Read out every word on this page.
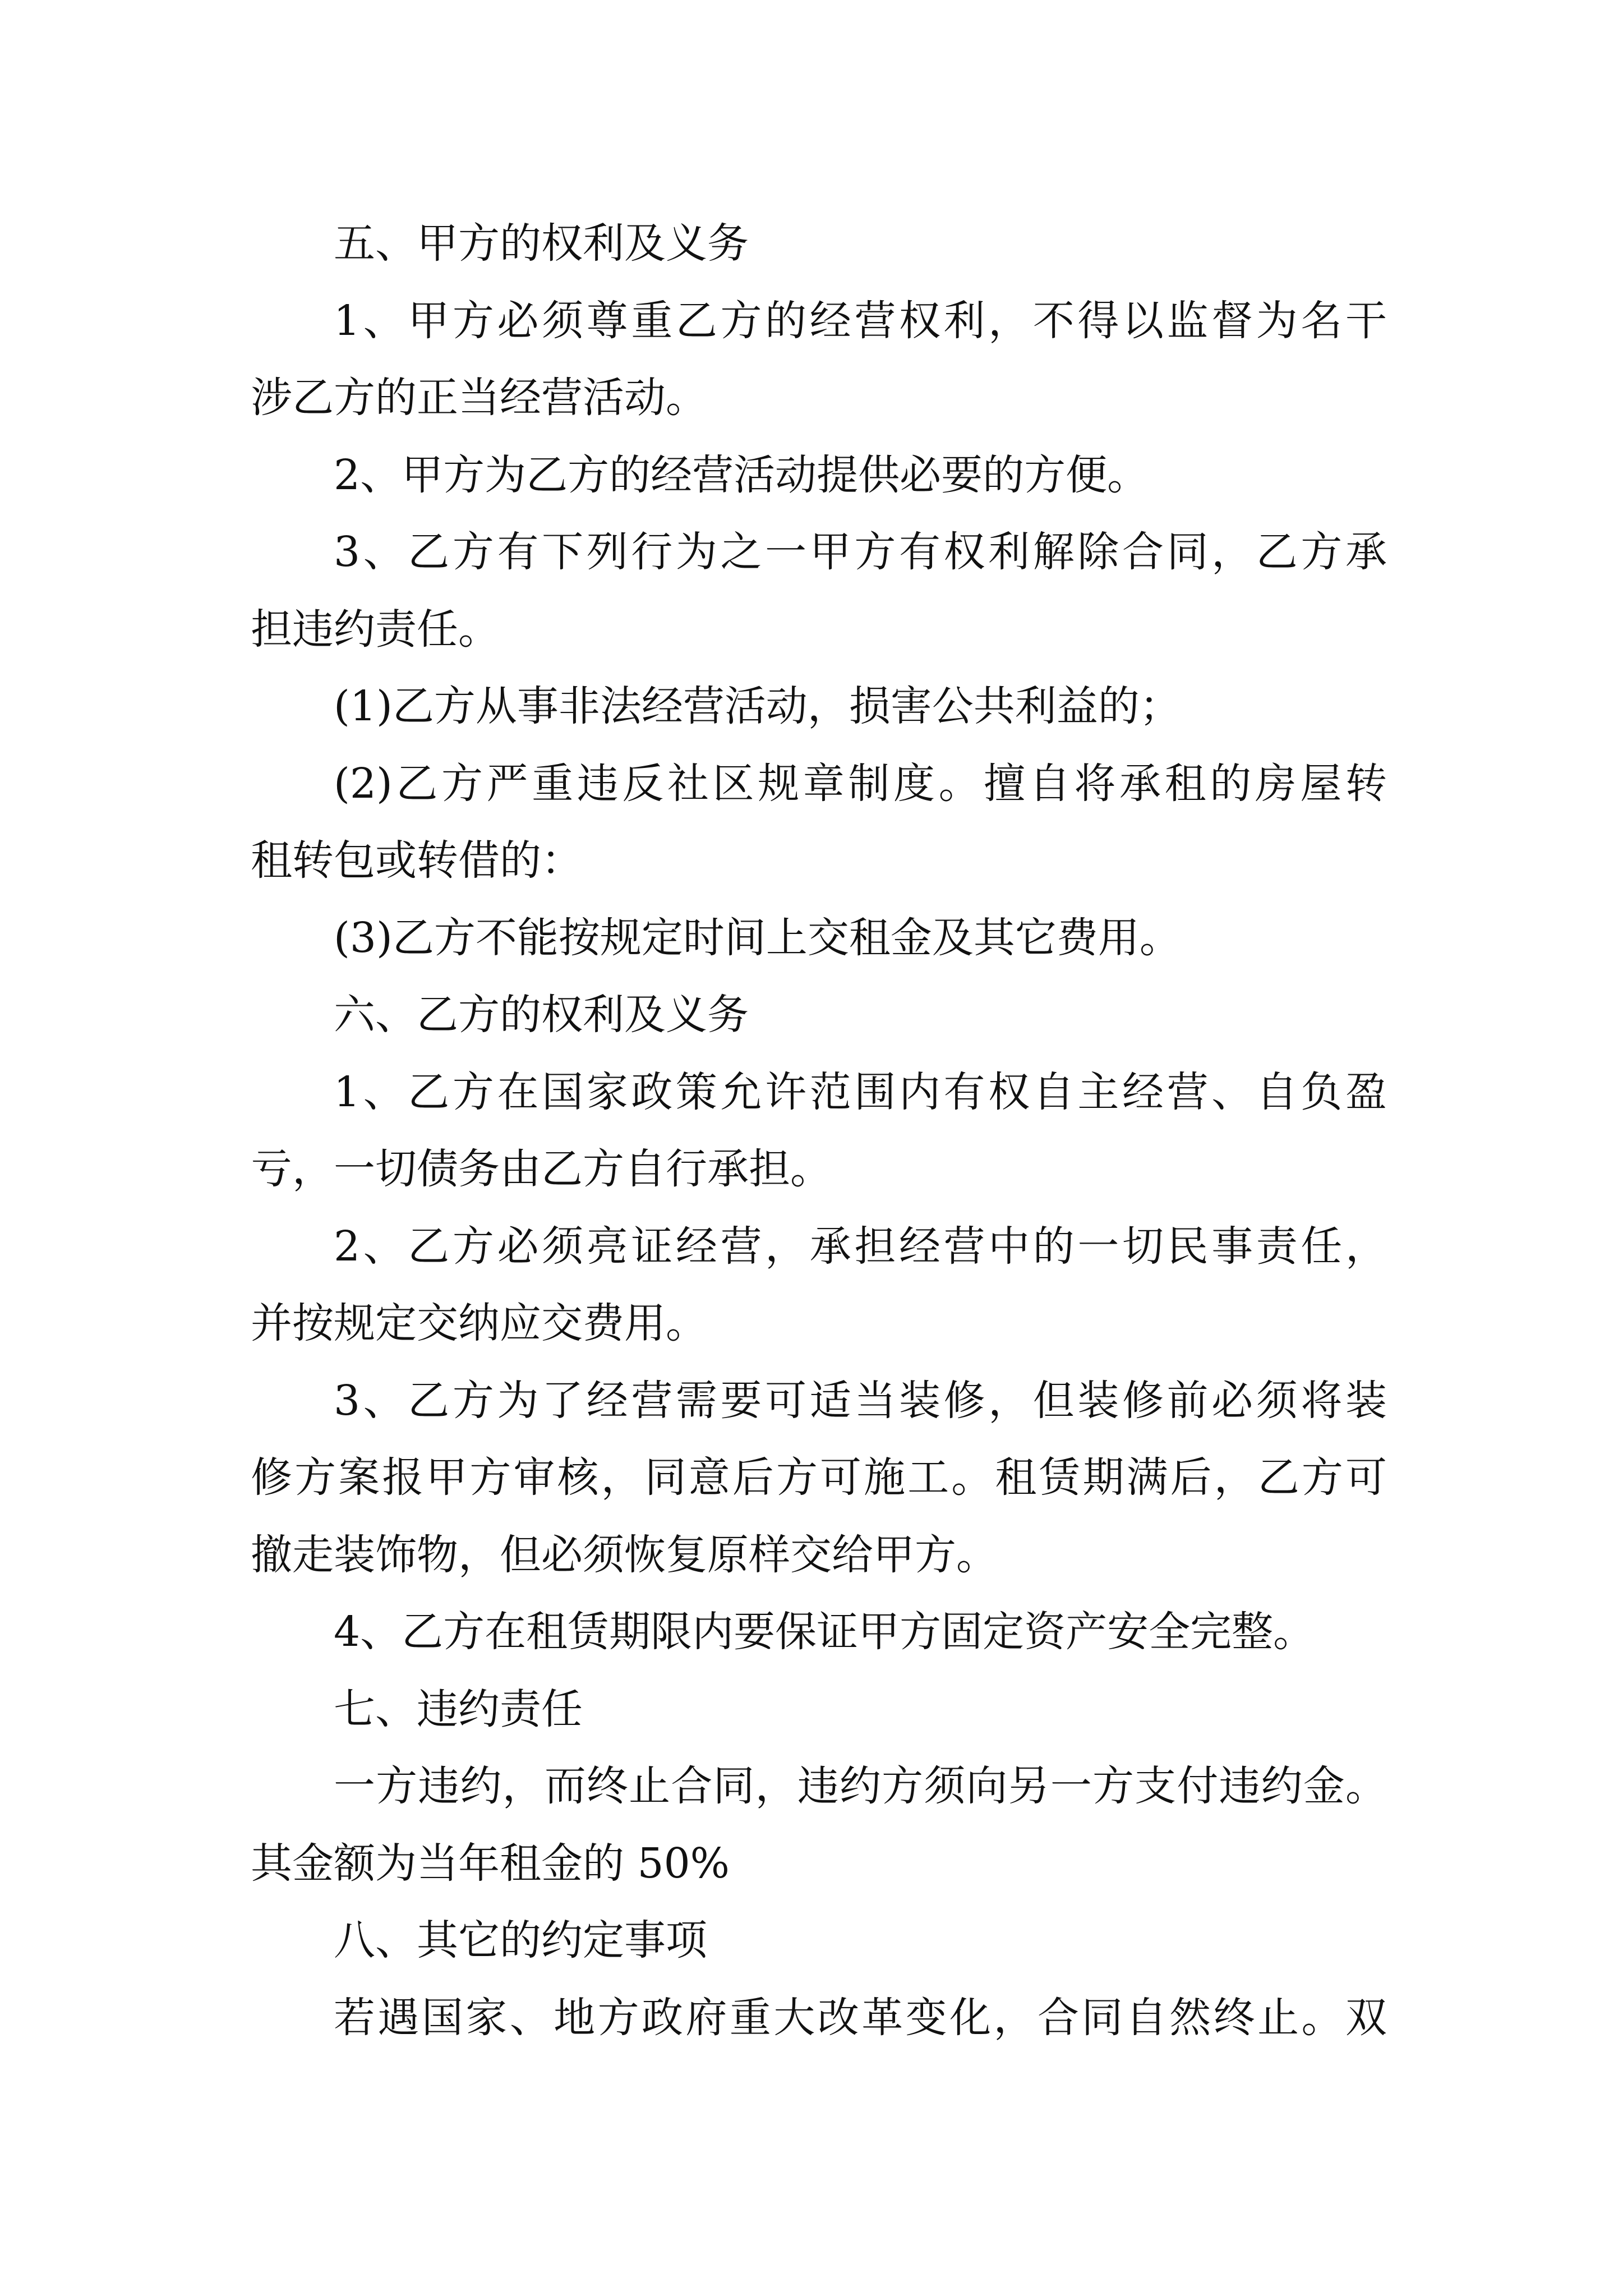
五、甲方的权利及义务
1、甲方必须尊重乙方的经营权利，不得以监督为名干
涉乙方的正当经营活动。
2、甲方为乙方的经营活动提供必要的方便。
3、乙方有下列行为之一甲方有权利解除合同，乙方承
担违约责任。
(1)乙方从事非法经营活动，损害公共利益的；
(2)乙方严重违反社区规章制度。擅自将承租的房屋转
租转包或转借的：
(3)乙方不能按规定时间上交租金及其它费用。
六、乙方的权利及义务
1、乙方在国家政策允许范围内有权自主经营、自负盈
亏，一切债务由乙方自行承担。
2、乙方必须亮证经营，承担经营中的一切民事责任，
并按规定交纳应交费用。
3、乙方为了经营需要可适当装修，但装修前必须将装
修方案报甲方审核，同意后方可施工。租赁期满后，乙方可
撤走装饰物，但必须恢复原样交给甲方。
4、乙方在租赁期限内要保证甲方固定资产安全完整。
七、违约责任
一方违约，而终止合同，违约方须向另一方支付违约金。
其金额为当年租金的 50%
八、其它的约定事项
若遇国家、地方政府重大改革变化，合同自然终止。双
